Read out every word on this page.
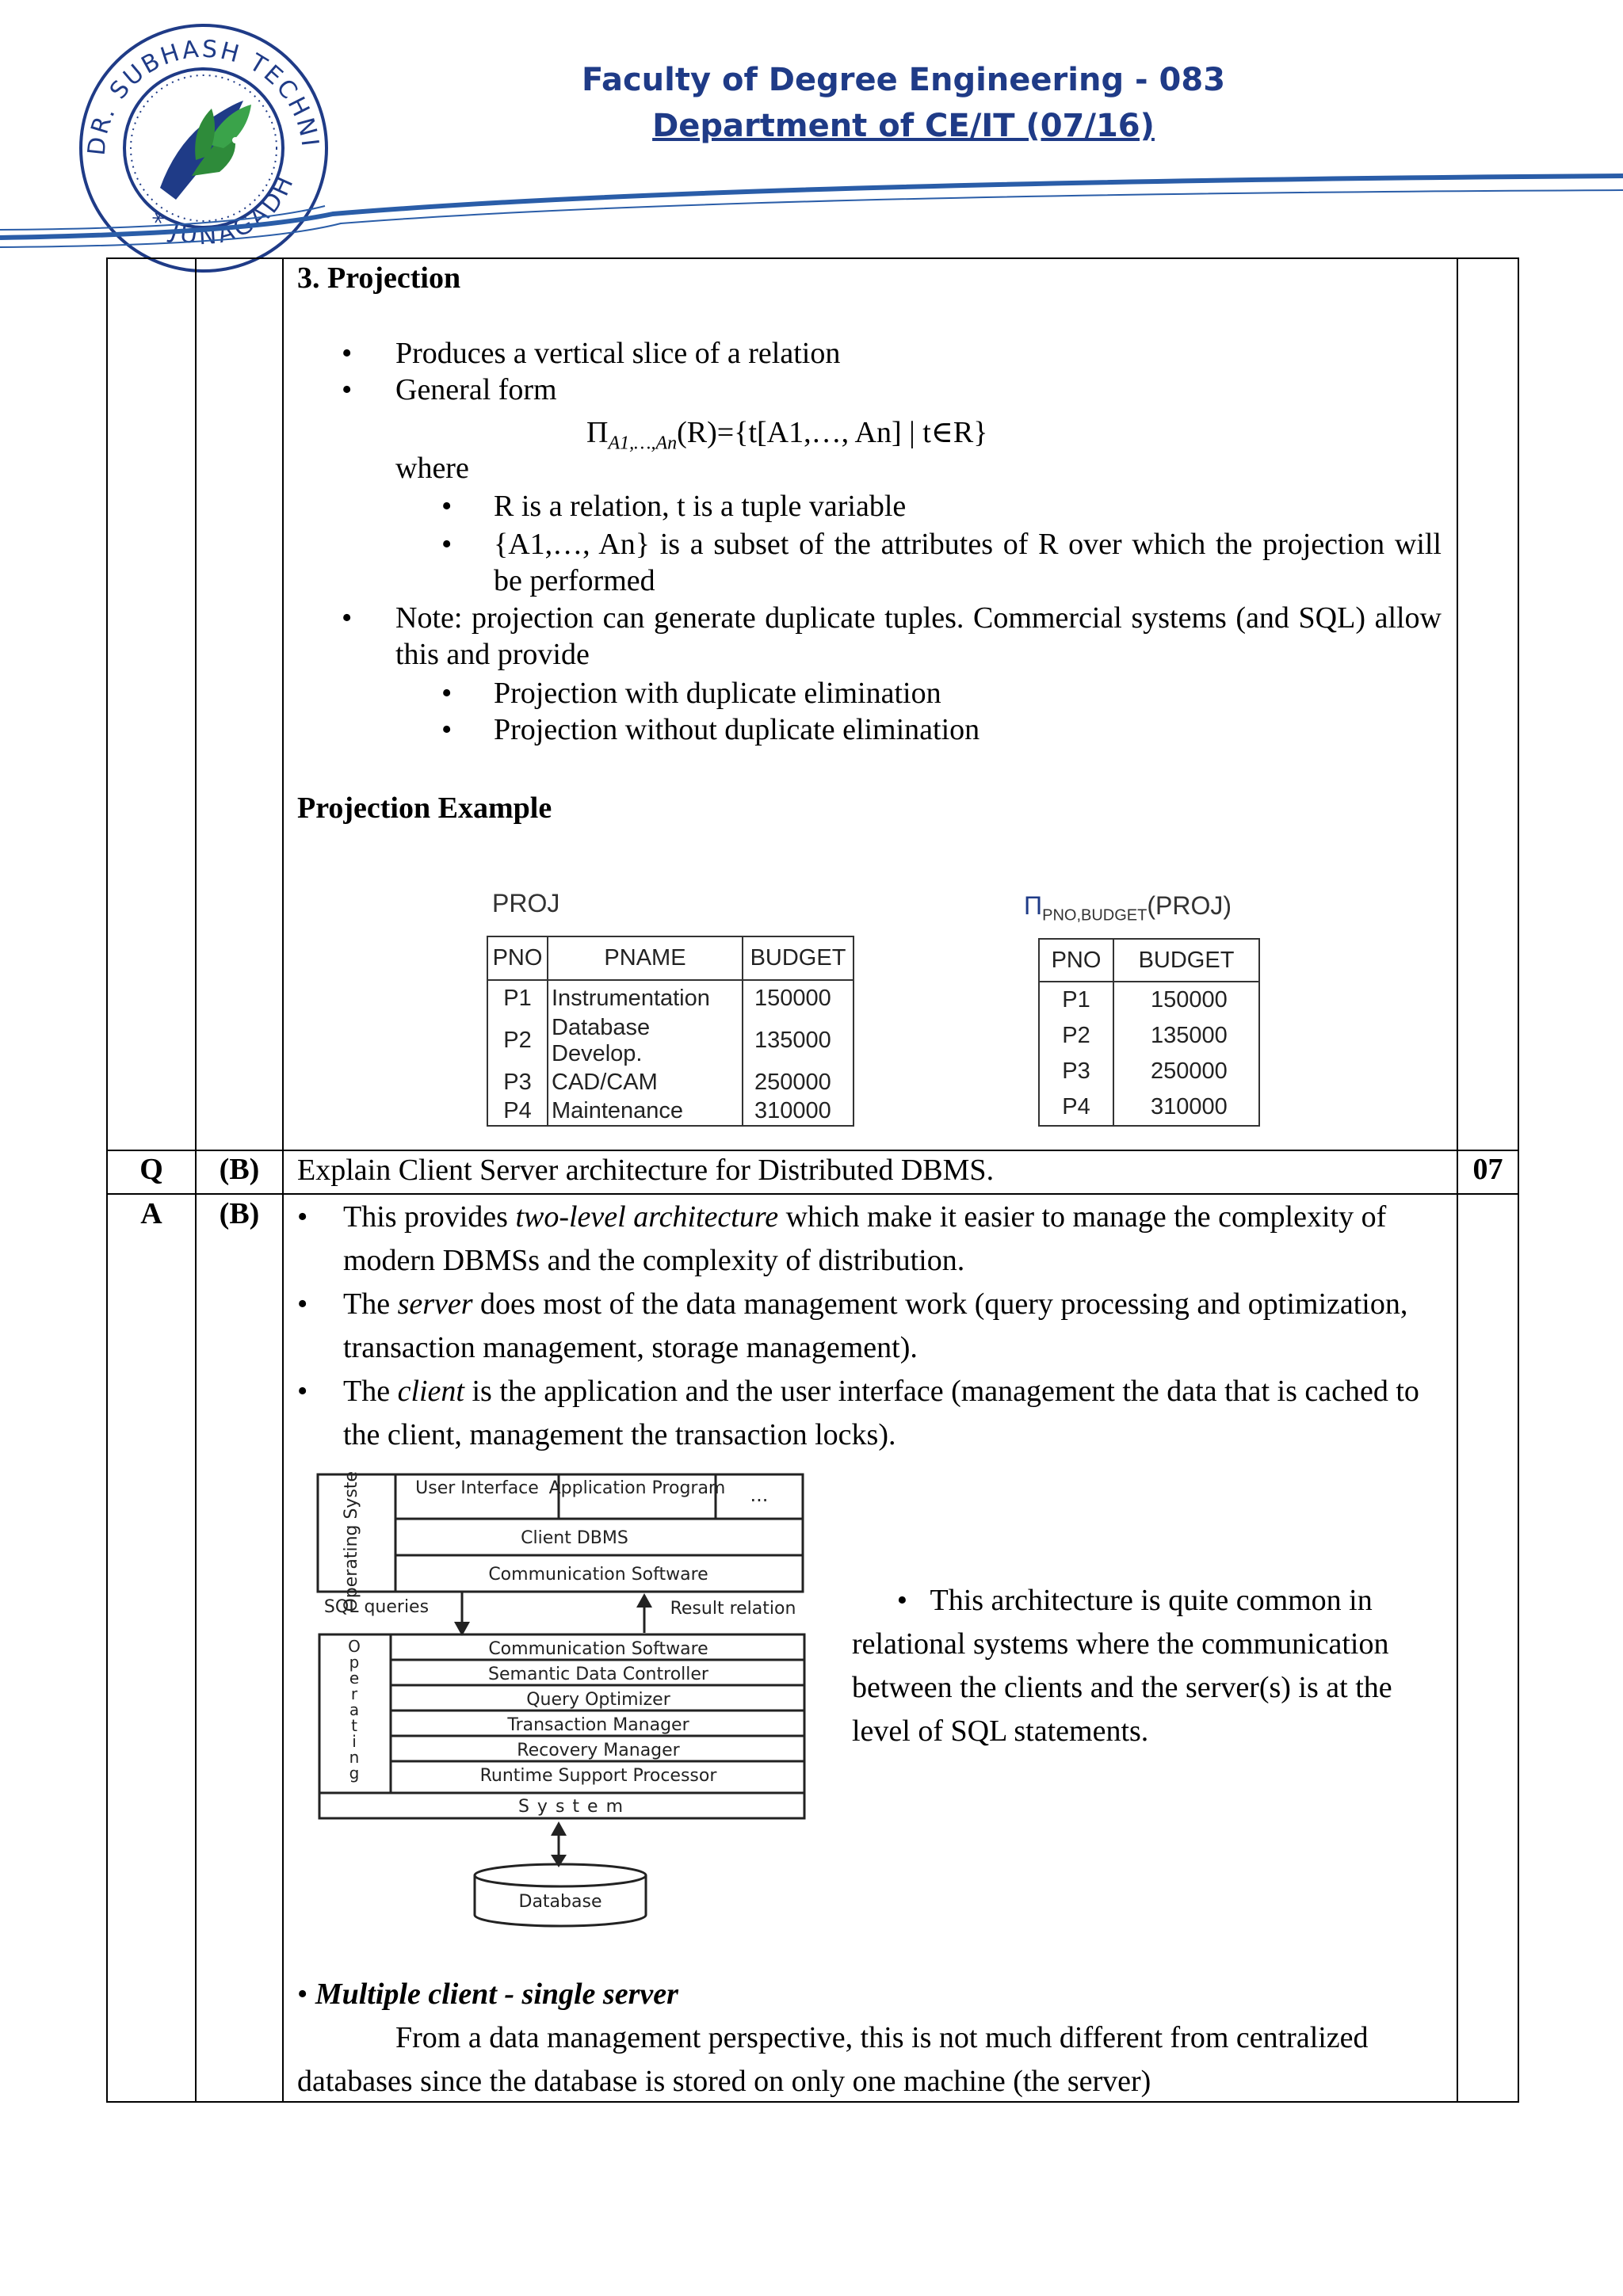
DR. SUBHASH TECHNI
* JUNAGADH
Faculty of Degree Engineering - 083
Department of CE/IT (07/16)
3. Projection
• Produces a vertical slice of a relation
• General form
$\Pi_{A1,\dots,An}(R)=\{t[A1,\dots$, An] | t∈R}
where
• R is a relation, t is a tuple variable
• {A1,…, An} is a subset of the attributes of R over which the projection will be performed
• Note: projection can generate duplicate tuples. Commercial systems (and SQL) allow this and provide
• Projection with duplicate elimination
• Projection without duplicate elimination
Projection Example
PROJ
PNO	PNAME	BUDGET
P1	Instrumentation	150000
P2	Database Develop.	135000
P3	CAD/CAM	250000
P4	Maintenance	310000
$\Pi_{PNO,BUDGET}(PROJ)$
PNO	BUDGET
P1	150000
P2	135000
P3	250000
P4	310000
Q	(B)	Explain Client Server architecture for Distributed DBMS.	07
A	(B)	• This provides two-level architecture which make it easier to manage the complexity of modern DBMSs and the complexity of distribution.
• The server does most of the data management work (query processing and optimization, transaction management, storage management).
• The client is the application and the user interface (management the data that is cached to the client, management the transaction locks).
Operating System	User Interface Application Program ...
Client DBMS
Communication Software
SQL queries	Result relation
Communication Software
Semantic Data Controller
Query Optimizer
Transaction Manager
Recovery Manager
Runtime Support Processor
O
p
e
r
a
t
i
n
g
System
Database
• This architecture is quite common in relational systems where the communication between the clients and the server(s) is at the level of SQL statements.
• Multiple client - single server
From a data management perspective, this is not much different from centralized databases since the database is stored on only one machine (the server)
